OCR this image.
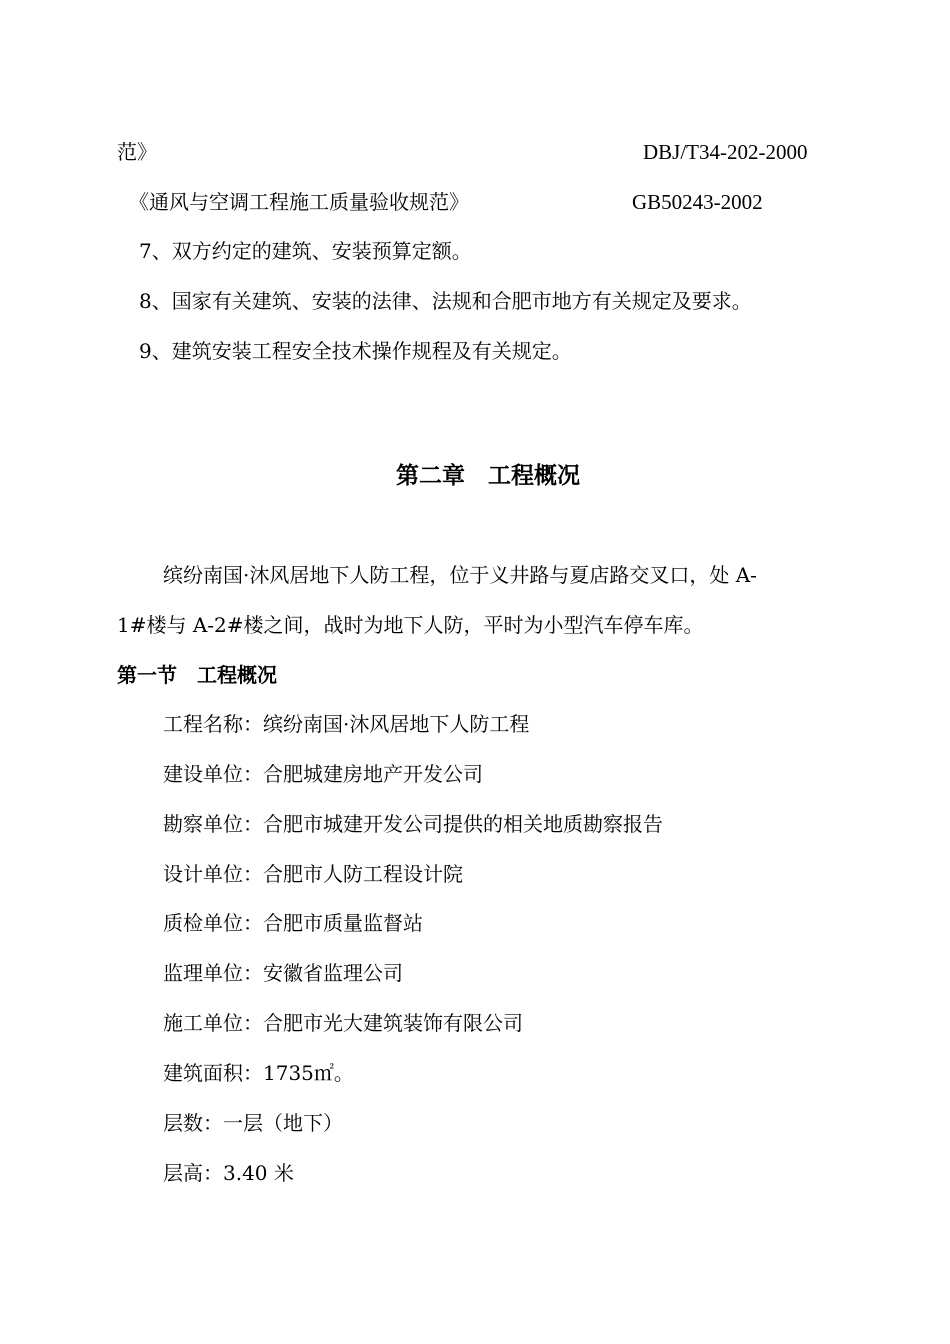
范》	DBJ/T34-202-2000
《通风与空调工程施工质量验收规范》	GB50243-2002
7、双方约定的建筑、安装预算定额。
8、国家有关建筑、安装的法律、法规和合肥市地方有关规定及要求。
9、建筑安装工程安全技术操作规程及有关规定。
第二章　工程概况
缤纷南国·沐风居地下人防工程，位于义井路与夏店路交叉口，处 A-
1#楼与 A-2#楼之间，战时为地下人防，平时为小型汽车停车库。
第一节　工程概况
工程名称：缤纷南国·沐风居地下人防工程
建设单位：合肥城建房地产开发公司
勘察单位：合肥市城建开发公司提供的相关地质勘察报告
设计单位：合肥市人防工程设计院
质检单位：合肥市质量监督站
监理单位：安徽省监理公司
施工单位：合肥市光大建筑装饰有限公司
建筑面积：1735㎡。
层数：一层（地下）
层高：3.40 米
